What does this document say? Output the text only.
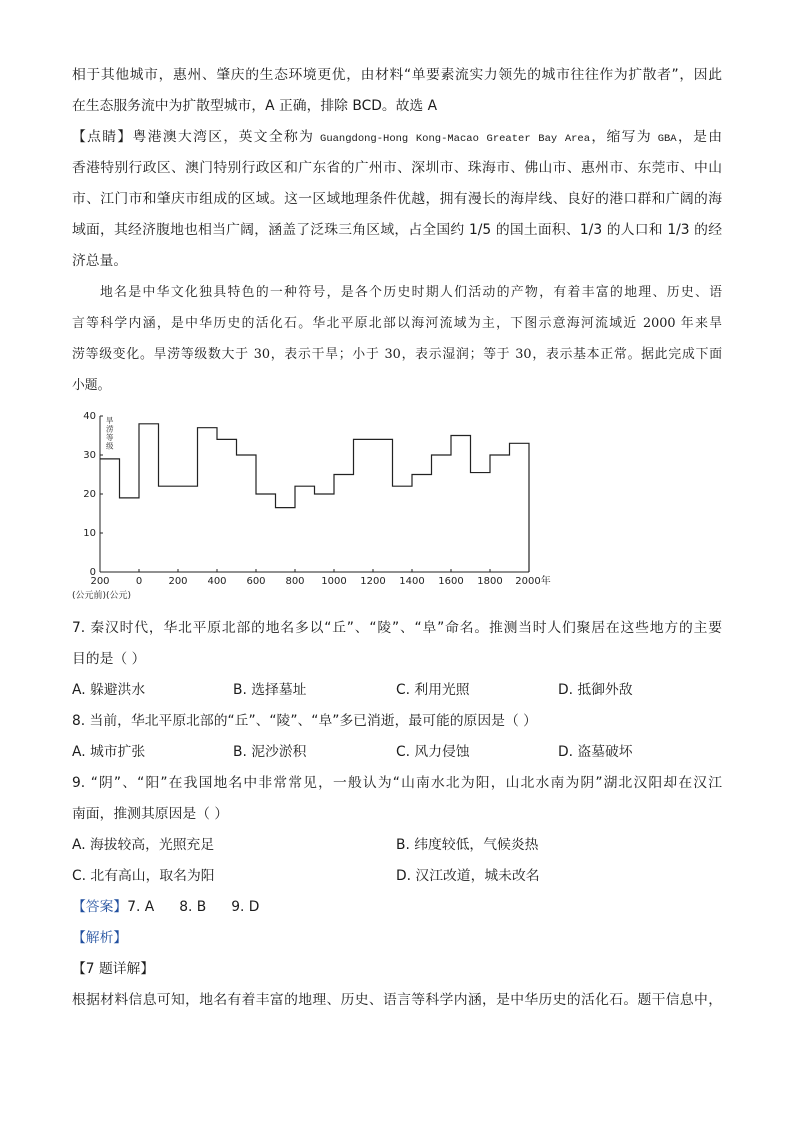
相于其他城市，惠州、肇庆的生态环境更优，由材料“单要素流实力领先的城市往往作为扩散者”，因此
在生态服务流中为扩散型城市，A 正确，排除 BCD。故选 A
【点睛】粤港澳大湾区，英文全称为 Guangdong-Hong Kong-Macao Greater Bay Area，缩写为 GBA，是由
香港特别行政区、澳门特别行政区和广东省的广州市、深圳市、珠海市、佛山市、惠州市、东莞市、中山
市、江门市和肇庆市组成的区域。这一区域地理条件优越，拥有漫长的海岸线、良好的港口群和广阔的海
域面，其经济腹地也相当广阔，涵盖了泛珠三角区域，占全国约 1/5 的国土面积、1/3 的人口和 1/3 的经
济总量。
地名是中华文化独具特色的一种符号，是各个历史时期人们活动的产物，有着丰富的地理、历史、语
言等科学内涵，是中华历史的活化石。华北平原北部以海河流域为主，下图示意海河流域近 2000 年来旱
涝等级变化。旱涝等级数大于 30，表示干旱；小于 30，表示湿润；等于 30，表示基本正常。据此完成下面
小题。
0
10
20
30
40
200	0	200 400 600 800 1000 1200 1400 1600 1800 2000年
(公元前)(公元)
旱涝等级
7. 秦汉时代，华北平原北部的地名多以“丘”、“陵”、“阜”命名。推测当时人们聚居在这些地方的主要
目的是（ ）
A. 躲避洪水	B. 选择墓址	C. 利用光照	D. 抵御外敌
8. 当前，华北平原北部的“丘”、“陵”、“阜”多已消逝，最可能的原因是（ ）
A. 城市扩张	B. 泥沙淤积	C. 风力侵蚀	D. 盗墓破坏
9. “阴”、“阳”在我国地名中非常常见，一般认为“山南水北为阳，山北水南为阴”湖北汉阳却在汉江
南面，推测其原因是（ ）
A. 海拔较高，光照充足	B. 纬度较低，气候炎热
C. 北有高山，取名为阳	D. 汉江改道，城未改名
【答案】7. A 8. B 9. D
【解析】
【7 题详解】
根据材料信息可知，地名有着丰富的地理、历史、语言等科学内涵，是中华历史的活化石。题干信息中，
